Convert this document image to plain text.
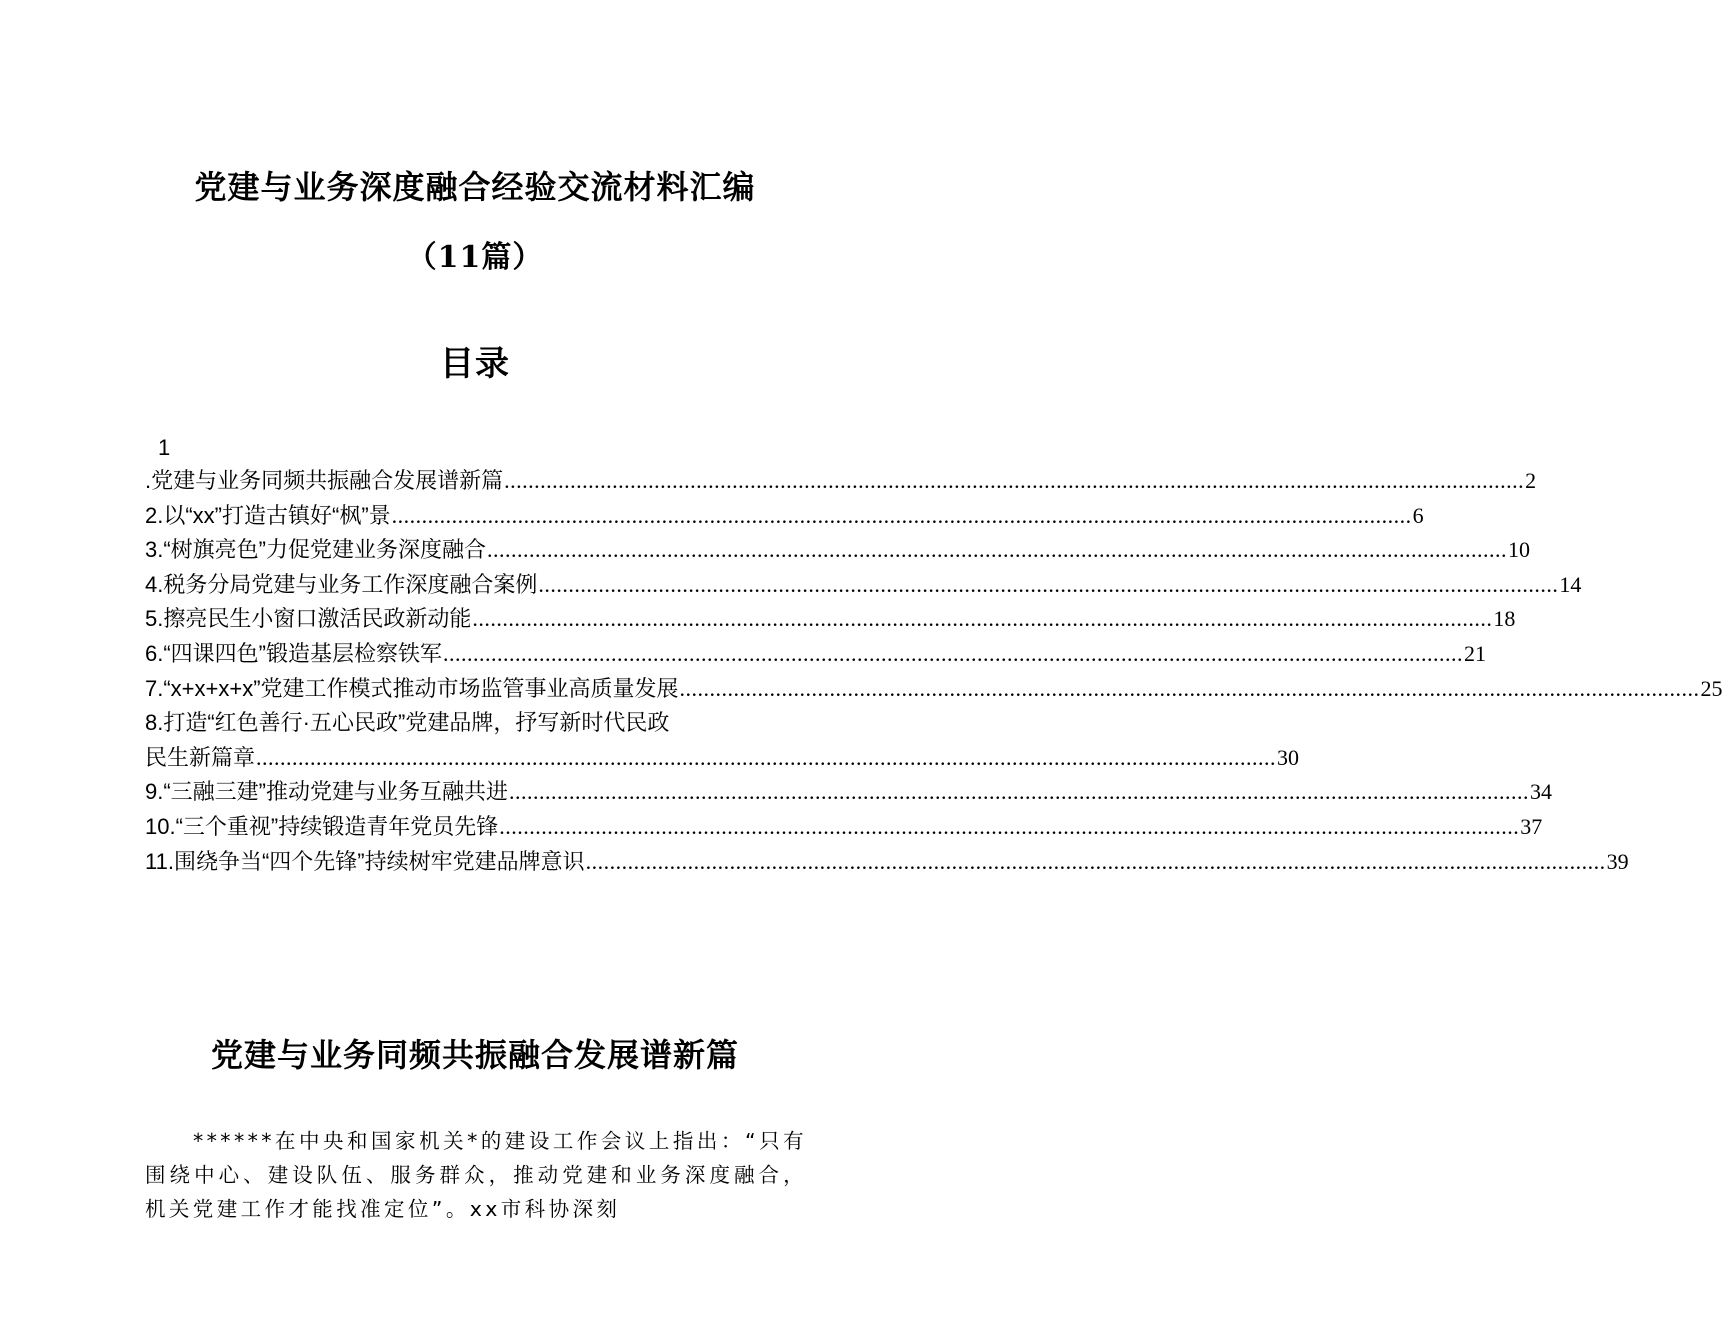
党建与业务深度融合经验交流材料汇编
（11篇）
目录
1
.党建与业务同频共振融合发展谱新篇 .......................................................................................................................................................................... 2
2.以“xx”打造古镇好“枫”景 .......................................................................................................................................................................... 6
3.“树旗亮色”力促党建业务深度融合 .......................................................................................................................................................................... 10
4.税务分局党建与业务工作深度融合案例 .......................................................................................................................................................................... 14
5.擦亮民生小窗口激活民政新动能 .......................................................................................................................................................................... 18
6.“四课四色”锻造基层检察铁军 .......................................................................................................................................................................... 21
7.“x+x+x+x”党建工作模式推动市场监管事业高质量发展 .......................................................................................................................................................................... 25
8.打造“红色善行·五心民政”党建品牌，抒写新时代民政
民生新篇章 .......................................................................................................................................................................... 30
9.“三融三建”推动党建与业务互融共进 .......................................................................................................................................................................... 34
10.“三个重视”持续锻造青年党员先锋 .......................................................................................................................................................................... 37
11.围绕争当“四个先锋”持续树牢党建品牌意识 .......................................................................................................................................................................... 39
党建与业务同频共振融合发展谱新篇
******在中央和国家机关*的建设工作会议上指出：“只有围绕中心、建设队伍、服务群众，推动党建和业务深度融合，机关党建工作才能找准定位”。xx市科协深刻
